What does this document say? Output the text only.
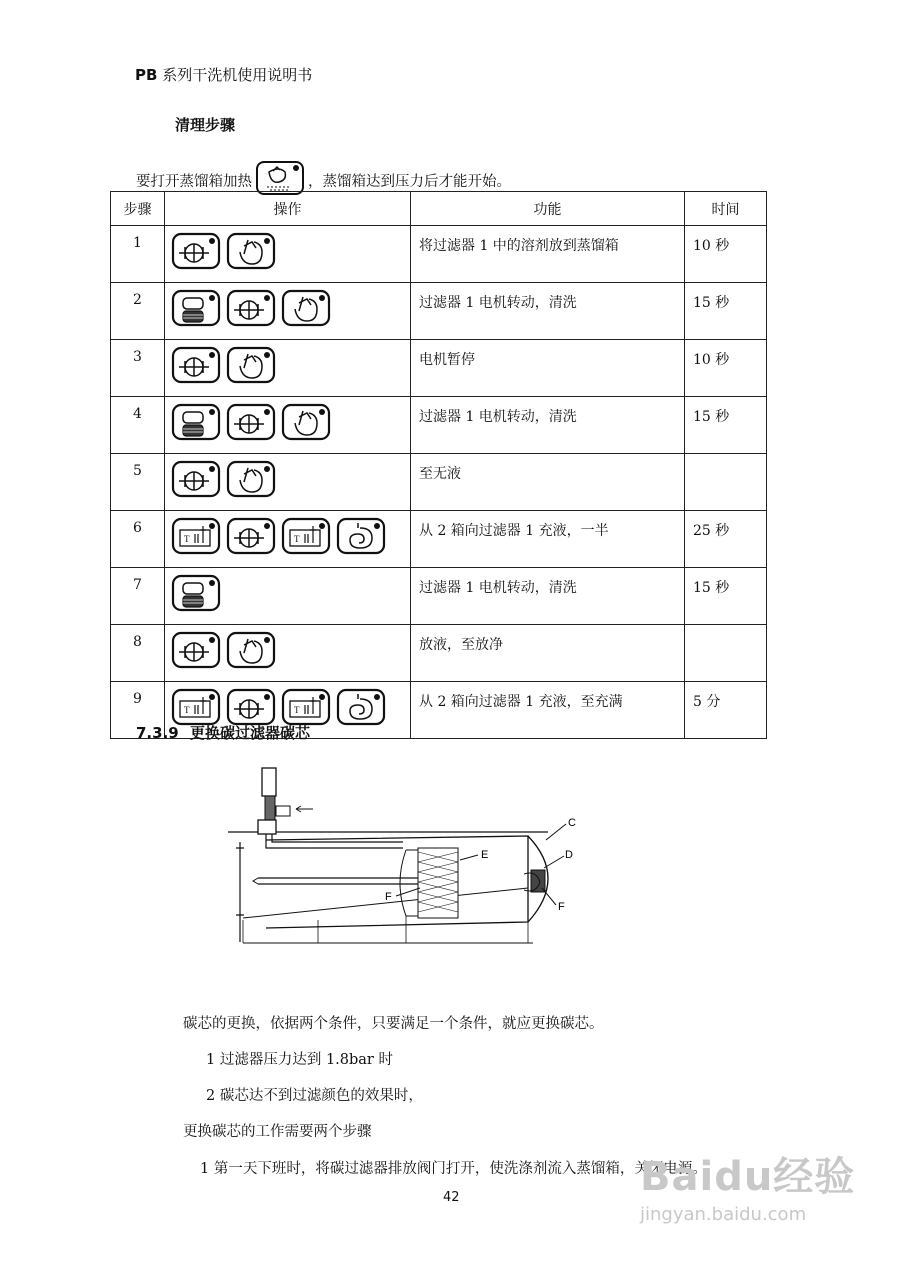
PB 系列干洗机使用说明书
清理步骤
要打开蒸馏箱加热	，蒸馏箱达到压力后才能开始。
步骤	操作	功能	时间
1		将过滤器 1 中的溶剂放到蒸馏箱	10 秒
2		过滤器 1 电机转动，清洗	15 秒
3		电机暂停	10 秒
4		过滤器 1 电机转动，清洗	15 秒
5		至无液	
6	T T	从 2 箱向过滤器 1 充液，一半	25 秒
7		过滤器 1 电机转动，清洗	15 秒
8		放液，至放净	
9	T T	从 2 箱向过滤器 1 充液，至充满	5 分
7.3.9 更换碳过滤器碳芯
C
D
E
F
F
碳芯的更换，依据两个条件，只要满足一个条件，就应更换碳芯。
1 过滤器压力达到 1.8bar 时
2 碳芯达不到过滤颜色的效果时，
更换碳芯的工作需要两个步骤
1 第一天下班时，将碳过滤器排放阀门打开，使洗涤剂流入蒸馏箱，关闭电源。
42	Baidu经验
jingyan.baidu.com
